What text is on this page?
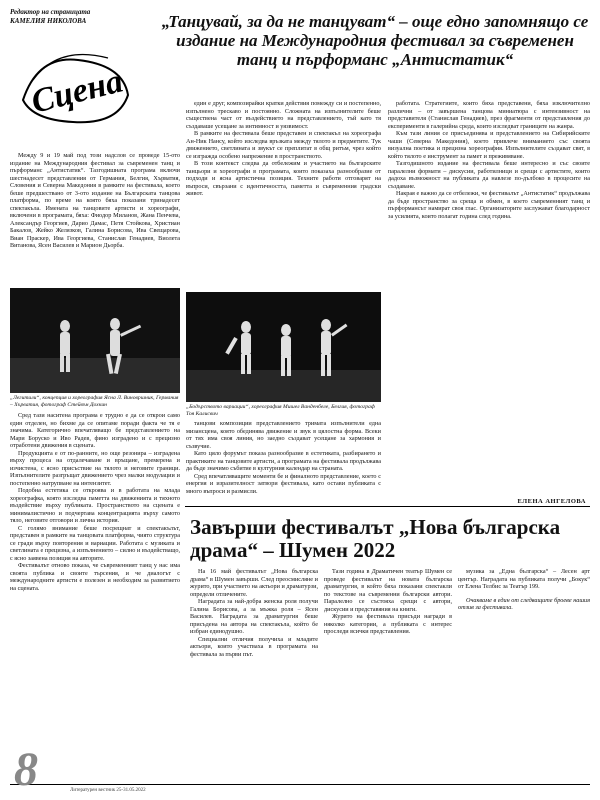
Редактор на страницата
КАМЕЛИЯ НИКОЛОВА
Сцена
„Танцувай, за да не танцуват“ – още едно запомнящо се издание на Международния фестивал за съвременен танц и пърформанс „Антистатик“

Между 9 и 19 май под този надслов се проведе 15-ото издание на Международния фестивал за съвременен танц и пърформанс „Антистатик“. Тазгодишната програма включи шестнадесет представления от Германия, Белгия, Хърватия, Словения и Северна Македония в рамките на фестивала, което беше предшествано от 3-ото издание на Българската танцова платформа, по време на която бяха показани тринадесет спектакъла. Имената на танцовите артисти и хореографи, включени в програмата, бяха: Фиодор Миланов, Жана Пенчева, Александър Георгиев, Дарио Дамас, Петя Стойкова, Христиан Бакалов, Жейко Желязков, Галина Борисова, Ива Свещарова, Виан Праскер, Ива Георгиева, Станислав Генадиев, Виолета Витанова, Ясен Василев и Марион Дьорба.

„Легитили“, концепция и хореография Ясна Л. Виновршник, Германия – Хърватия, фотограф Стейвън Дохкин

Сред тази наситена програма е трудно е да се открои само един отделен, но бихме да се опитаме поради факта че тя е значима. Категорично впечатляващо бе представлението на Мари Боруско и Иво Радев, фино изградено и с прецизно отработени движения в сцената.

Продукцията е от по-ранните, но още резонира – изградена върху процеса на отдалечаване и връщане, премерена и изчистена, с ясно присъствие на тялото и неговите граници. Изпълнителите разгръщат движението чрез малки модулации и постепенно натрупване на интензитет.

Подобна естетика се откроява и в работата на млада хореографка, която изследва паметта на движенията и тяхното въздействие върху публиката. Пространството на сцената е минималистично и подчертава концентрацията върху самото тяло, неговите отговори и лична история.

С голямо внимание беше посрещнат и спектакълът, представен в рамките на танцовата платформа, чиято структура се гради върху повторения и вариации. Работата с музиката и светлината е прецизна, а изпълнението – силно и въздействащо, с ясно заявена позиция на авторите.

Фестивалът отново показа, че съвременният танц у нас има своята публика и своите търсения, и че диалогът с международните артисти е полезен и необходим за развитието на сцената.

един е друг, композирайки кратки действия помежду си и постепенно, изпълнено трескаво и постоянно. Сложната на изпълнителите беше съществена част от въздействието на представлението, тъй като тя създаваше усещане за интимност и уязвимост.

В рамките на фестивала беше представен и спектакъл на хореографа Ан-Ник Нансу, който изследва връзката между тялото и предметите. Тук движението, светлината и звукът се преплитат в общ ритъм, чрез който се изгражда особено напрежение в пространството.

В този контекст следва да отбележим и участието на българските танцьори и хореографи в програмата, които показаха разнообразие от подходи и ясна артистична позиция. Техните работи отговарят на въпроси, свързани с идентичността, паметта и съвременния градски живот.

„Бодърството вариации“, хореография Мишел Ванденбеле, Белгия, фотограф Тоя Калисвич

танцови композиции представлението тримата изпълнители една мизансцена, която обединява движение и звук в цялостна форма. Всеки от тях има своя линия, но заедно създават усещане за хармония и съзвучие.

Като цяло форумът показа разнообразие в естетиката, разбирането и практиките на танцовите артисти, а програмата на фестивала продължава да бъде значимо събитие в културния календар на страната.

Сред впечатляващите моменти бе и финалното представление, което с енергия и изразителност затвори фестивала, като остави публиката с много въпроси и размисли.

работата. Стратегиите, които бяха представени, бяха изключително различни – от завършена танцова миниатюра с интензивност на представителя (Станислав Генадиев), през фрагменти от представления до експерименти в галерийна среда, които изследват границите на жанра.

Към тази линия се присъединява и представлението на Сибирийските чаши (Северна Македония), което привлече вниманието със своята визуална поетика и прецизна хореография. Изпълнителите създават свят, в който тялото е инструмент за памет и преживяване.

Тазгодишното издание на фестивала беше интересно и със своите паралелни формати – дискусии, работилници и срещи с артистите, които дадоха възможност на публиката да навлезе по-дълбоко в процесите на създаване.

Накрая е важно да се отбележи, че фестивалът „Антистатик“ продължава да бъде пространство за среща и обмен, в което съвременният танц и пърформансът намират своя глас. Организаторите заслужават благодарност за усилията, които полагат година след година.

ЕЛЕНА АНГЕЛОВА
Завърши фестивалът „Нова българска драма“ – Шумен 2022

На 16 май фестивалът „Нова българска драма“ в Шумен завърши. След преосмисляне и журито, при участието на актьори и драматурзи, определи отличените.

Наградата за най-добра женска роля получи Галина Борисова, а за мъжка роля – Ясен Василев. Наградата за драматургия беше присъдена на автора на спектакъла, който бе избран единодушно.

Специални отличия получиха и младите актьори, които участваха в програмата на фестивала за първи път.

Тази година в Драматичен театър Шумен се проведе фестивалът на новата българска драматургия, в който бяха показани спектакли по текстове на съвременни български автори. Паралелно се състояха срещи с автори, дискусии и представяния на книги.

Журито на фестивала присъди награди в няколко категории, а публиката с интерес проследи всички представления.

музика за „Една българска“ – Лесен арт център. Наградата на публиката получи „Бокук“ от Елена Телбис за Театър 199.

Очакваме в един от следващите броеве нашия отзив за фестивала.

8	Литературен вестник 25-31.05.2022
